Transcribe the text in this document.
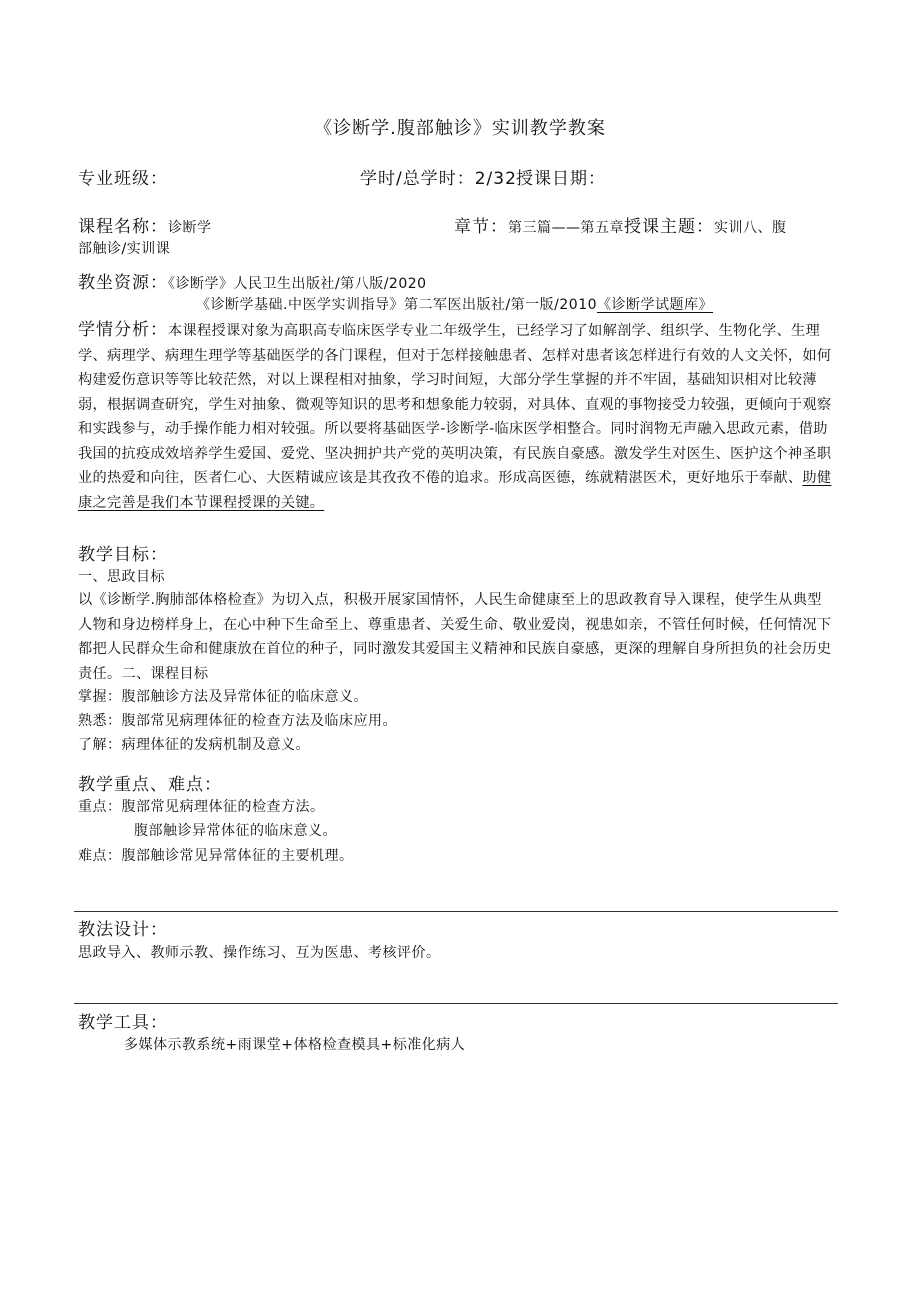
《诊断学.腹部触诊》实训教学教案
专业班级：	学时/总学时：2/32 授课日期：
课程名称：诊断学	章节：第三篇——第五章授课主题：实训八、腹
部触诊/实训课
教坐资源：《诊断学》人民卫生出版社/第八版/2020
《诊断学基础.中医学实训指导》第二军医出版社/第一版/2010《诊断学试题库》
学情分析：本课程授课对象为高职高专临床医学专业二年级学生，已经学习了如解剖学、组织学、生物化学、生理学、病理学、病理生理学等基础医学的各门课程，但对于怎样接触患者、怎样对患者该怎样进行有效的人文关怀，如何构建爱伤意识等等比较茫然，对以上课程相对抽象，学习时间短，大部分学生掌握的并不牢固，基础知识相对比较薄弱，根据调查研究，学生对抽象、微观等知识的思考和想象能力较弱，对具体、直观的事物接受力较强，更倾向于观察和实践参与，动手操作能力相对较强。所以要将基础医学-诊断学-临床医学相整合。同时润物无声融入思政元素，借助我国的抗疫成效培养学生爱国、爱党、坚决拥护共产党的英明决策，有民族自豪感。激发学生对医生、医护这个神圣职业的热爱和向往，医者仁心、大医精诚应该是其孜孜不倦的追求。形成高医德，练就精湛医术，更好地乐于奉献、助健康之完善是我们本节课程授课的关键。
教学目标：
一、思政目标
以《诊断学.胸肺部体格检查》为切入点，积极开展家国情怀，人民生命健康至上的思政教育导入课程，使学生从典型人物和身边榜样身上，在心中种下生命至上、尊重患者、关爱生命、敬业爱岗，视患如亲，不管任何时候，任何情况下都把人民群众生命和健康放在首位的种子，同时激发其爱国主义精神和民族自豪感，更深的理解自身所担负的社会历史责任。二、课程目标
掌握：腹部触诊方法及异常体征的临床意义。
熟悉：腹部常见病理体征的检查方法及临床应用。
了解：病理体征的发病机制及意义。
教学重点、难点：
重点：腹部常见病理体征的检查方法。
腹部触诊异常体征的临床意义。
难点：腹部触诊常见异常体征的主要机理。
教法设计：
思政导入、教师示教、操作练习、互为医患、考核评价。
教学工具：
多媒体示教系统+雨课堂+体格检查模具+标准化病人
